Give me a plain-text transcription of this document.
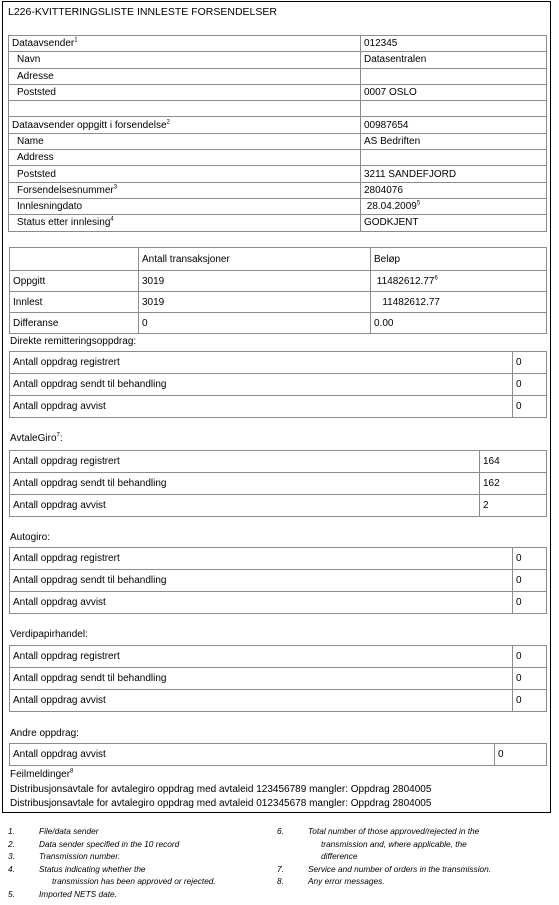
L226-KVITTERINGSLISTE INNLESTE FORSENDELSER
Dataavsender$^1$	012345
Navn	Datasentralen
Adresse	
Poststed	0007 OSLO

Dataavsender oppgitt i forsendelse$^2$	00987654
Name	AS Bedriften
Address	
Poststed	3211 SANDEFJORD
Forsendelsesnummer$^3$	2804076
Innlesningdato	28.04.2009$^5$
Status etter innlesing$^4$	GODKJENT
	Antall transaksjoner	Beløp
Oppgitt	3019	11482612.77$^6$
Innlest	3019	11482612.77
Differanse	0	0.00
Direkte remitteringsoppdrag:
Antall oppdrag registrert	0
Antall oppdrag sendt til behandling	0
Antall oppdrag avvist	0
AvtaleGiro$^7$:
Antall oppdrag registrert	164
Antall oppdrag sendt til behandling	162
Antall oppdrag avvist	2
Autogiro:
Antall oppdrag registrert	0
Antall oppdrag sendt til behandling	0
Antall oppdrag avvist	0
Verdipapirhandel:
Antall oppdrag registrert	0
Antall oppdrag sendt til behandling	0
Antall oppdrag avvist	0
Andre oppdrag:
Antall oppdrag avvist	0
Feilmeldinger$^8$
Distribusjonsavtale for avtalegiro oppdrag med avtaleid 123456789 mangler: Oppdrag 2804005
Distribusjonsavtale for avtalegiro oppdrag med avtaleid 012345678 mangler: Oppdrag 2804005
1.	File/data sender
2.	Data sender specified in the 10 record
3.	Transmission number.
4.	Status indicating whether the
transmission has been approved or rejected.
5.	Imported NETS date.
6.	Total number of those approved/rejected in the
transmission and, where applicable, the
difference
7.	Service and number of orders in the transmission.
8.	Any error messages.
